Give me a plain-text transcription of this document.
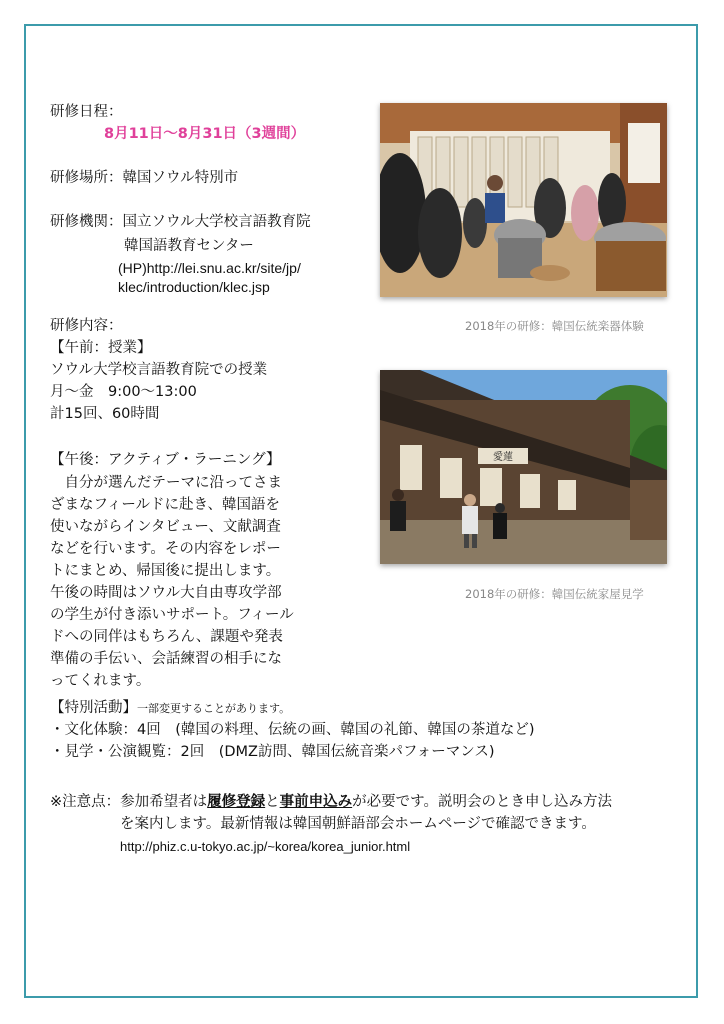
研修日程：
8月11日〜8月31日（3週間）
研修場所：韓国ソウル特別市
研修機関：国立ソウル大学校言語教育院
韓国語教育センター
(HP)http://lei.snu.ac.kr/site/jp/
klec/introduction/klec.jsp
研修内容：
【午前：授業】
ソウル大学校言語教育院での授業
月〜金　9:00〜13:00
計15回、60時間
【午後：アクティブ・ラーニング】
　自分が選んだテーマに沿ってさまざまなフィールドに赴き、韓国語を使いながらインタビュー、文献調査などを行います。その内容をレポートにまとめ、帰国後に提出します。午後の時間はソウル大自由専攻学部の学生が付き添いサポート。フィールドへの同伴はもちろん、課題や発表準備の手伝い、会話練習の相手になってくれます。
【特別活動】一部変更することがあります。
・文化体験：4回　(韓国の料理、伝統の画、韓国の礼節、韓国の茶道など)
・見学・公演観覧：2回　(DMZ訪問、韓国伝統音楽パフォーマンス)
※注意点：参加希望者は履修登録と事前申込みが必要です。説明会のとき申し込み方法
を案内します。最新情報は韓国朝鮮語部会ホームページで確認できます。
http://phiz.c.u-tokyo.ac.jp/~korea/korea_junior.html
2018年の研修：韓国伝統楽器体験
愛蓮
2018年の研修：韓国伝統家屋見学
